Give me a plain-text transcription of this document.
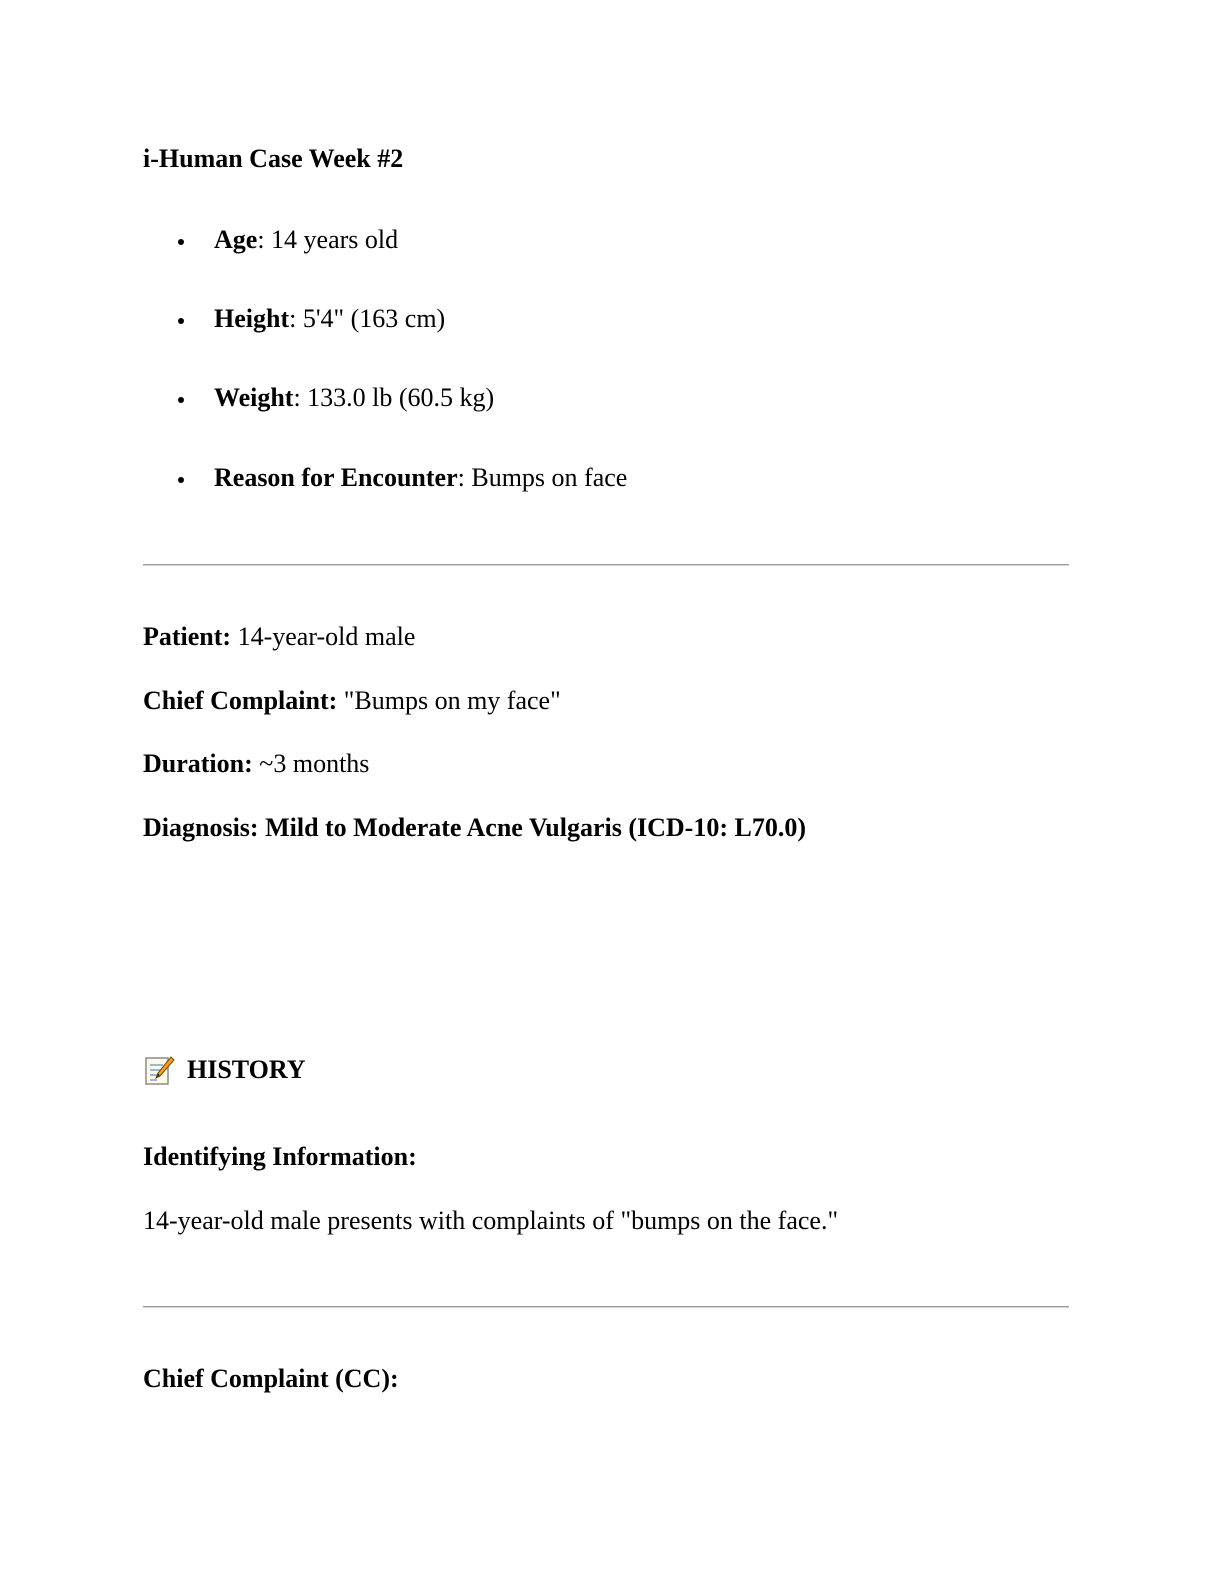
i-Human Case Week #2
Age: 14 years old
Height: 5'4" (163 cm)
Weight: 133.0 lb (60.5 kg)
Reason for Encounter: Bumps on face
Patient: 14-year-old male
Chief Complaint: "Bumps on my face"
Duration: ~3 months
Diagnosis: Mild to Moderate Acne Vulgaris (ICD-10: L70.0)
HISTORY
Identifying Information:
14-year-old male presents with complaints of "bumps on the face."
Chief Complaint (CC):
